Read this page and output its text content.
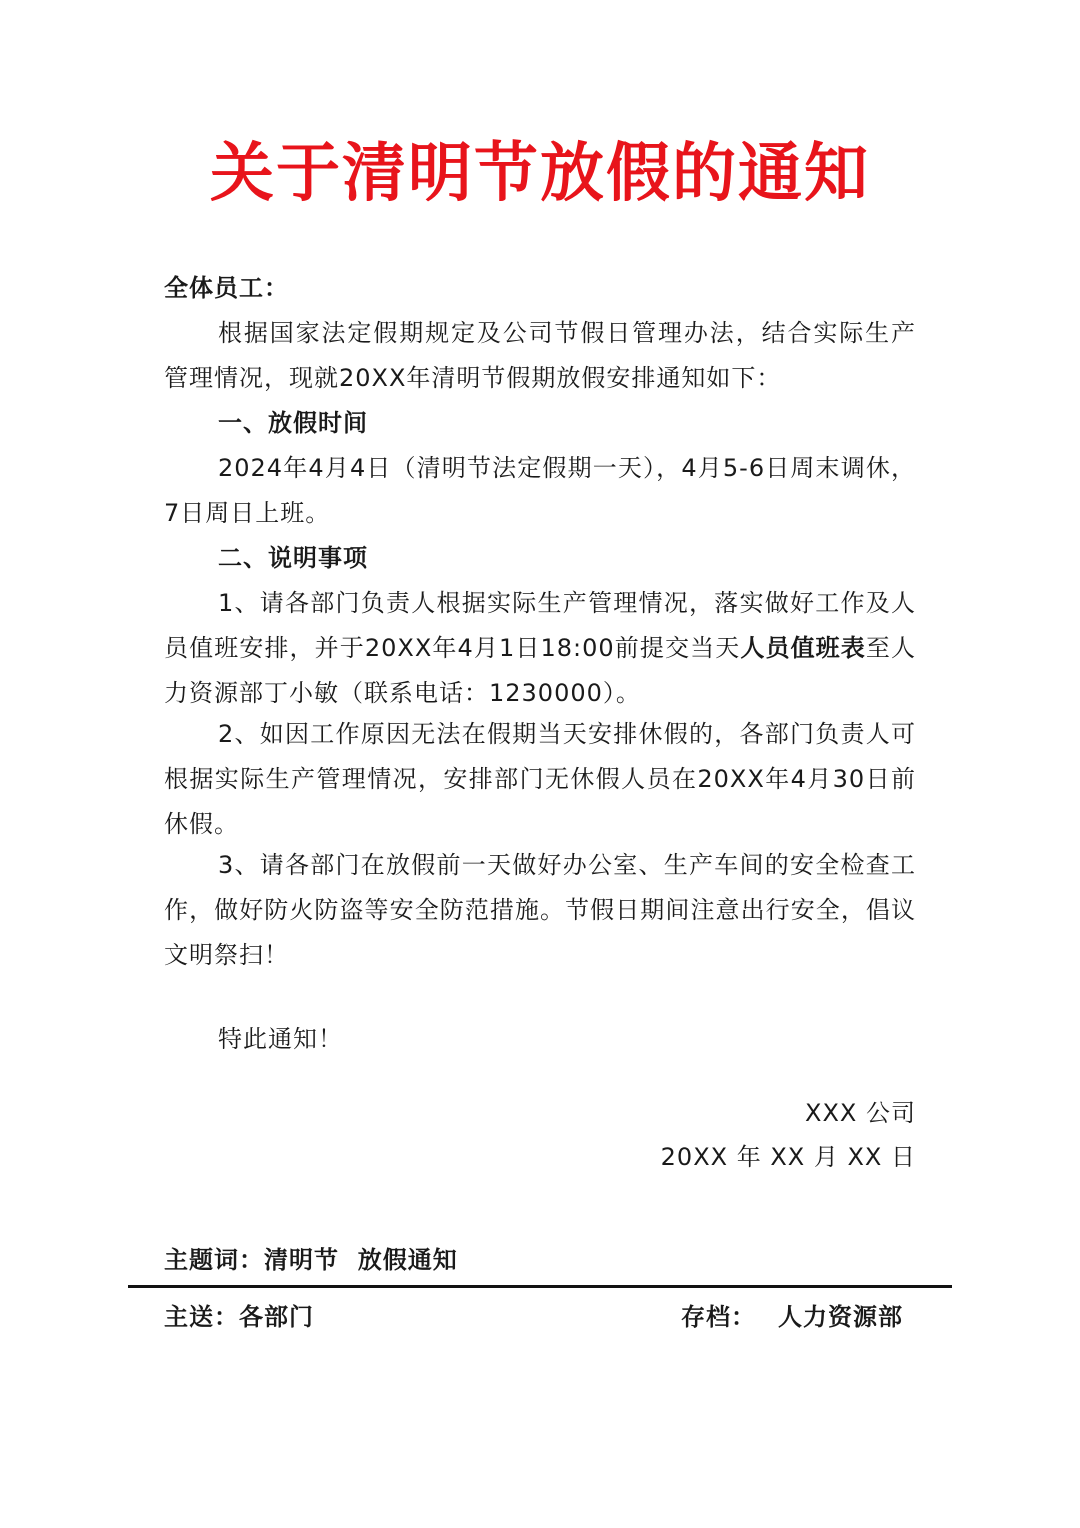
关于清明节放假的通知
全体员工：
根据国家法定假期规定及公司节假日管理办法，结合实际生产管理情况，现就20XX年清明节假期放假安排通知如下：
一、放假时间
2024年4月4日（清明节法定假期一天），4月5-6日周末调休，7日周日上班。
二、说明事项
1、请各部门负责人根据实际生产管理情况，落实做好工作及人员值班安排，并于20XX年4月1日18:00前提交当天人员值班表至人力资源部丁小敏（联系电话：1230000）。
2、如因工作原因无法在假期当天安排休假的，各部门负责人可根据实际生产管理情况，安排部门无休假人员在20XX年4月30日前休假。
3、请各部门在放假前一天做好办公室、生产车间的安全检查工作，做好防火防盗等安全防范措施。节假日期间注意出行安全，倡议文明祭扫！
特此通知！
XXX 公司
20XX 年 XX 月 XX 日
主题词：清明节  放假通知
主送：各部门	存档： 人力资源部
